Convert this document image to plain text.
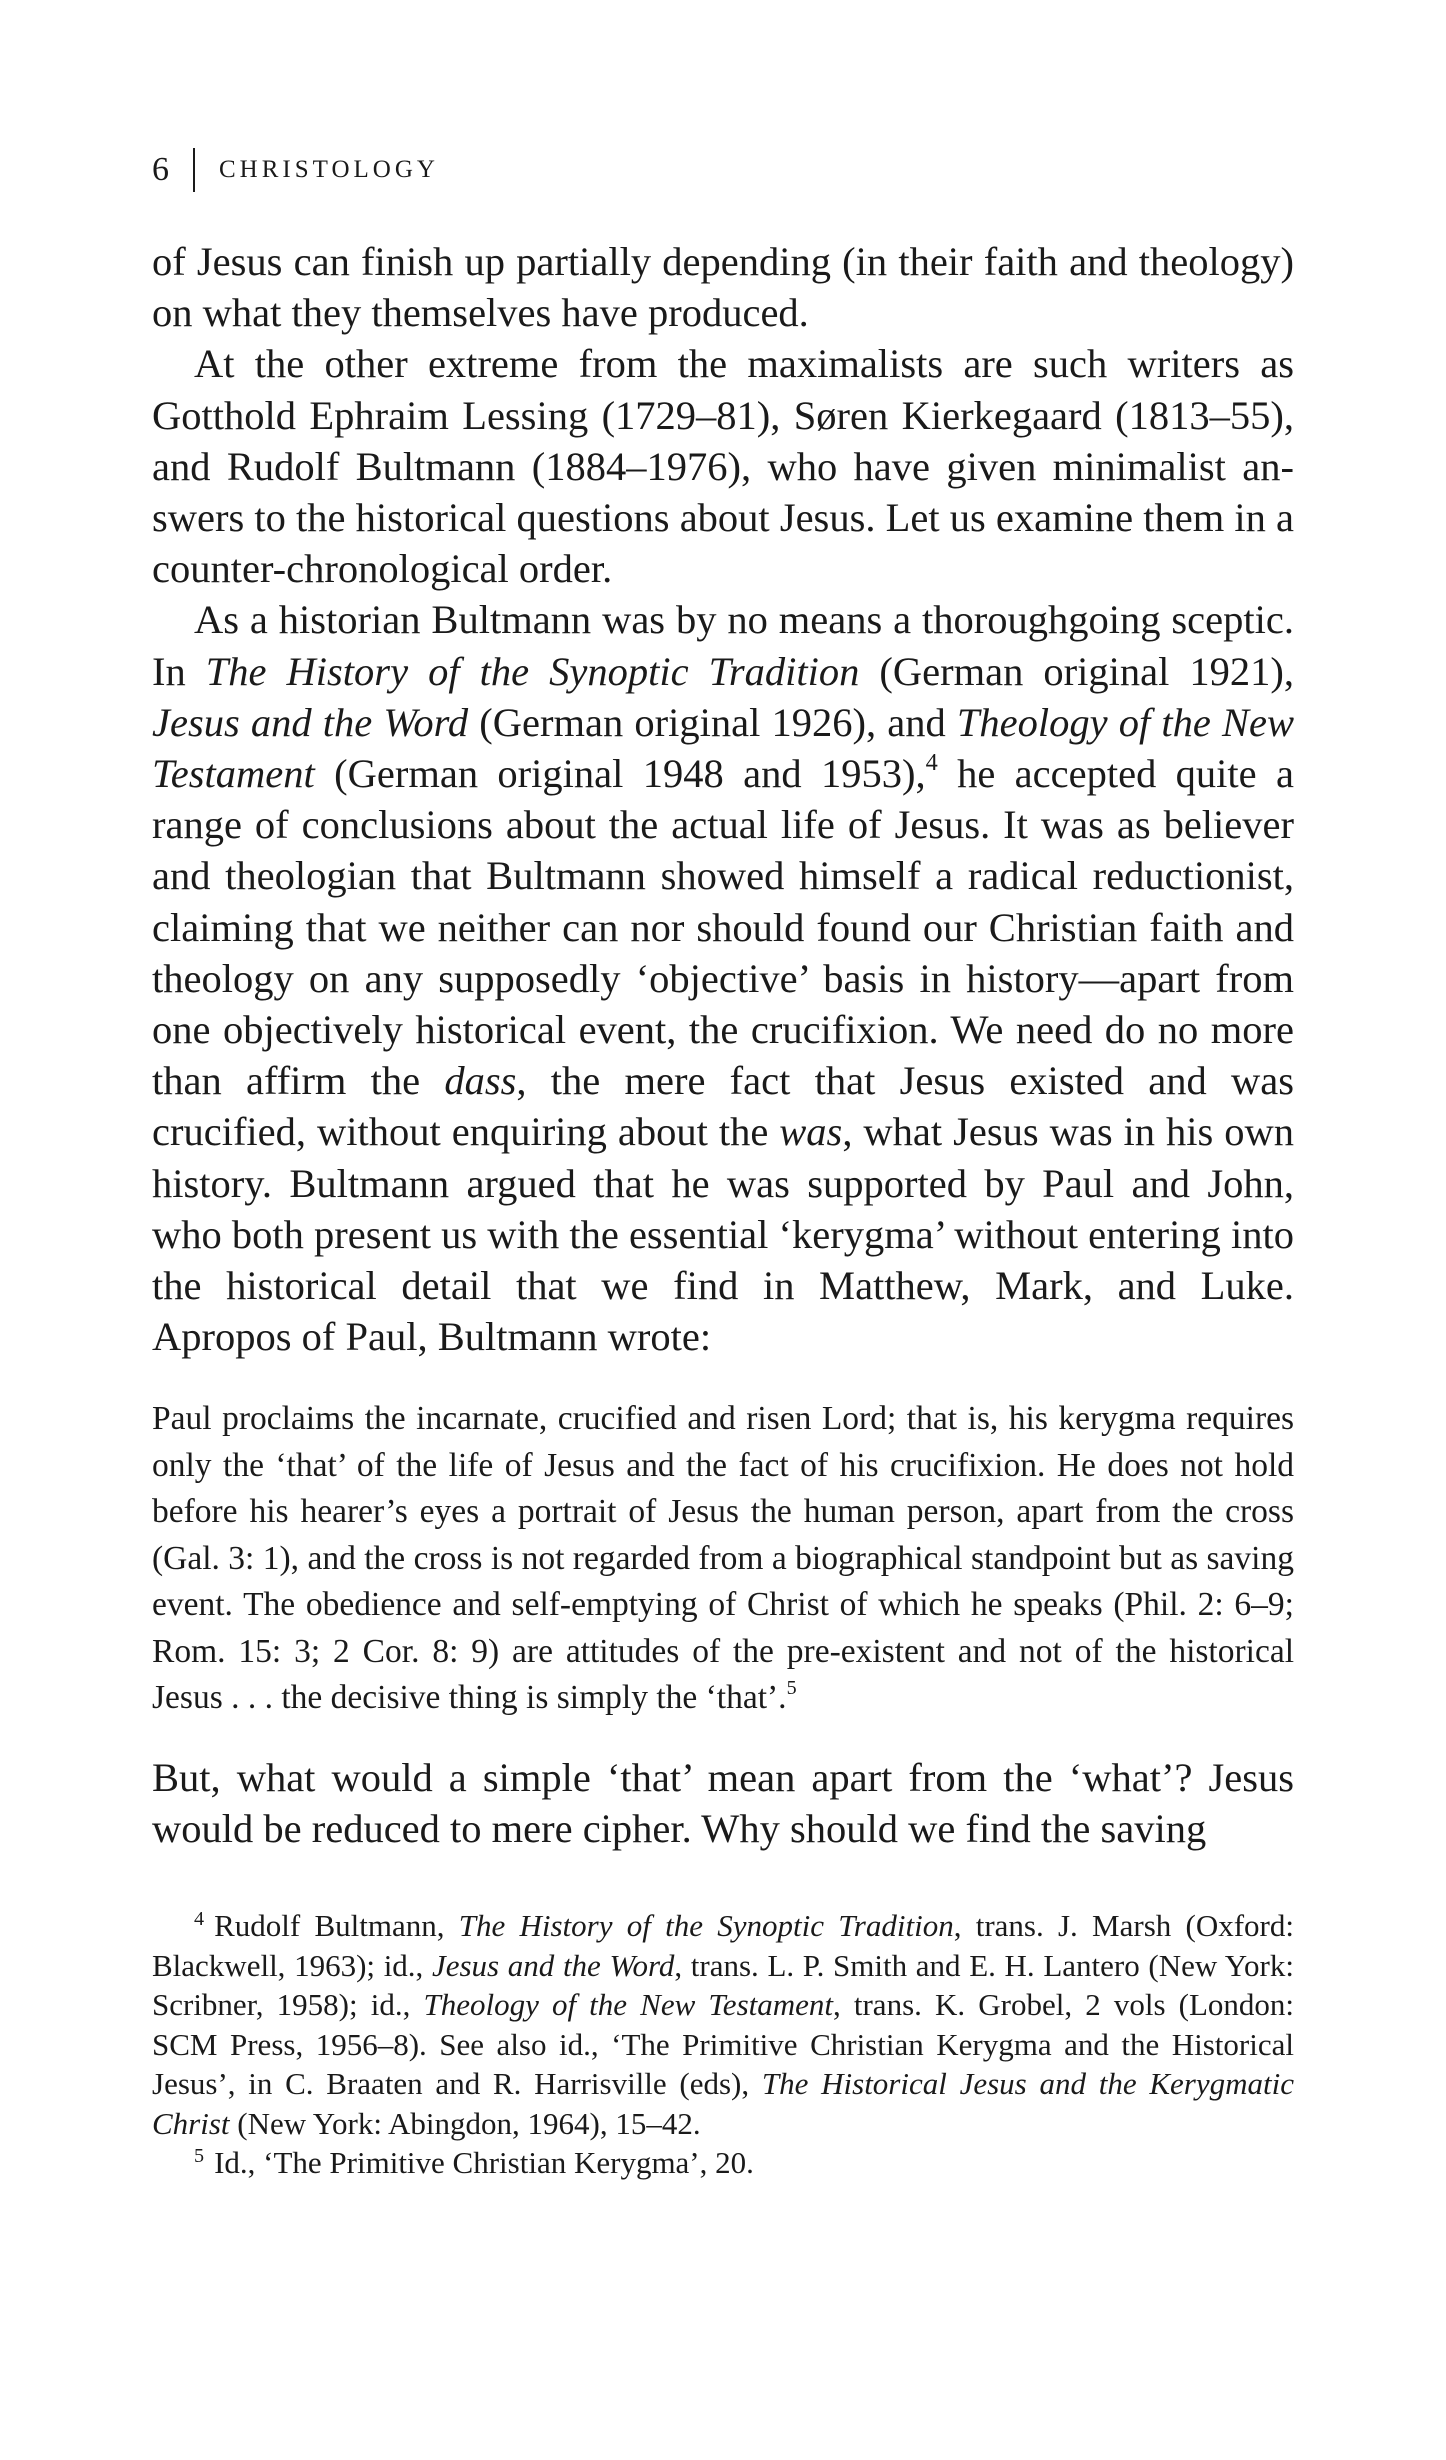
6 CHRISTOLOGY

of Jesus can finish up partially depending (in their faith and theology) on what they themselves have produced.

At the other extreme from the maximalists are such writers as Gotthold Ephraim Lessing (1729–81), Søren Kierkegaard (1813–55), and Rudolf Bultmann (1884–1976), who have given minimalist answers to the historical questions about Jesus. Let us examine them in a counter-chronological order.

As a historian Bultmann was by no means a thoroughgoing sceptic. In The History of the Synoptic Tradition (German original 1921), Jesus and the Word (German original 1926), and Theology of the New Testament (German original 1948 and 1953),$^4$ he accepted quite a range of conclusions about the actual life of Jesus. It was as believer and theologian that Bultmann showed himself a radical reductionist, claiming that we neither can nor should found our Christian faith and theology on any supposedly ‘objective’ basis in history—apart from one objectively historical event, the crucifixion. We need do no more than affirm the dass, the mere fact that Jesus existed and was crucified, without enquiring about the was, what Jesus was in his own history. Bultmann argued that he was supported by Paul and John, who both present us with the essential ‘kerygma’ without entering into the historical detail that we find in Matthew, Mark, and Luke. Apropos of Paul, Bultmann wrote:

Paul proclaims the incarnate, crucified and risen Lord; that is, his kerygma requires only the ‘that’ of the life of Jesus and the fact of his crucifixion. He does not hold before his hearer’s eyes a portrait of Jesus the human person, apart from the cross (Gal. 3: 1), and the cross is not regarded from a biographical standpoint but as saving event. The obedience and self-emptying of Christ of which he speaks (Phil. 2: 6–9; Rom. 15: 3; 2 Cor. 8: 9) are attitudes of the pre-existent and not of the historical Jesus . . . the decisive thing is simply the ‘that’.$^5$

But, what would a simple ‘that’ mean apart from the ‘what’? Jesus would be reduced to mere cipher. Why should we find the saving

$^4$ Rudolf Bultmann, The History of the Synoptic Tradition, trans. J. Marsh (Oxford: Blackwell, 1963); id., Jesus and the Word, trans. L. P. Smith and E. H. Lantero (New York: Scribner, 1958); id., Theology of the New Testament, trans. K. Grobel, 2 vols (London: SCM Press, 1956–8). See also id., ‘The Primitive Christian Kerygma and the Historical Jesus’, in C. Braaten and R. Harrisville (eds), The Historical Jesus and the Kerygmatic Christ (New York: Abingdon, 1964), 15–42.

$^5$ Id., ‘The Primitive Christian Kerygma’, 20.
